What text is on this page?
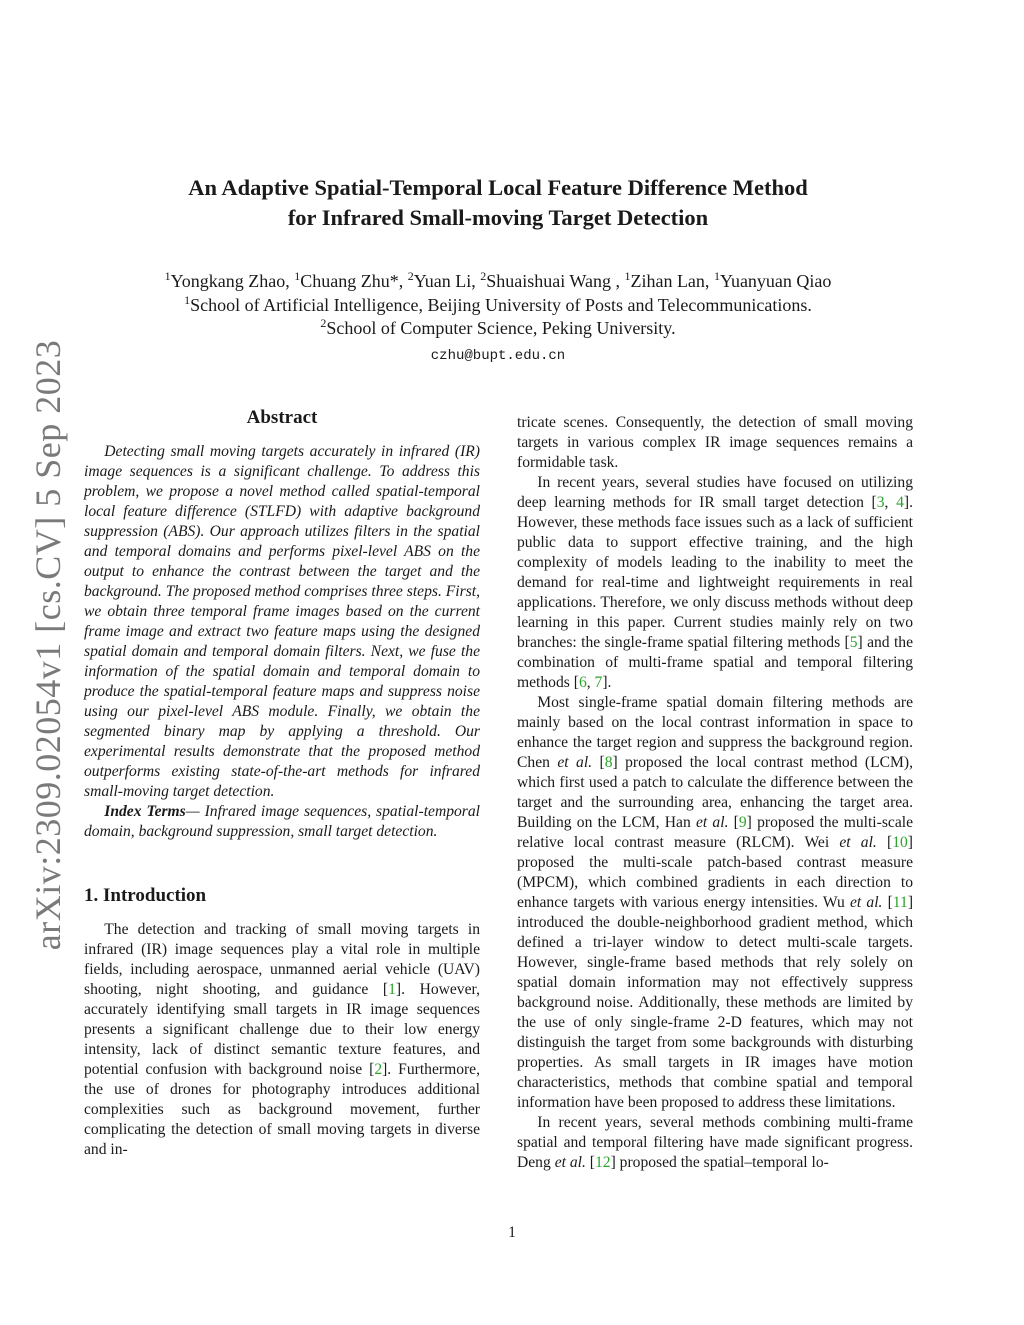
arXiv:2309.02054v1 [cs.CV] 5 Sep 2023
An Adaptive Spatial-Temporal Local Feature Difference Method
for Infrared Small-moving Target Detection
$^1$Yongkang Zhao, $^1$Chuang Zhu*, $^2$Yuan Li, $^2$Shuaishuai Wang , $^1$Zihan Lan, $^1$Yuanyuan Qiao
$^1$School of Artificial Intelligence, Beijing University of Posts and Telecommunications.
$^2$School of Computer Science, Peking University.
czhu@bupt.edu.cn
Abstract
Detecting small moving targets accurately in infrared (IR) image sequences is a significant challenge. To address this problem, we propose a novel method called spatial-temporal local feature difference (STLFD) with adaptive background suppression (ABS). Our approach utilizes filters in the spatial and temporal domains and performs pixel-level ABS on the output to enhance the contrast between the target and the background. The proposed method comprises three steps. First, we obtain three temporal frame images based on the current frame image and extract two feature maps using the designed spatial domain and temporal domain filters. Next, we fuse the information of the spatial domain and temporal domain to produce the spatial-temporal feature maps and suppress noise using our pixel-level ABS module. Finally, we obtain the segmented binary map by applying a threshold. Our experimental results demonstrate that the proposed method outperforms existing state-of-the-art methods for infrared small-moving target detection.
Index Terms— Infrared image sequences, spatial-temporal domain, background suppression, small target detection.
1. Introduction
The detection and tracking of small moving targets in infrared (IR) image sequences play a vital role in multiple fields, including aerospace, unmanned aerial vehicle (UAV) shooting, night shooting, and guidance [1]. However, accurately identifying small targets in IR image sequences presents a significant challenge due to their low energy intensity, lack of distinct semantic texture features, and potential confusion with background noise [2]. Furthermore, the use of drones for photography introduces additional complexities such as background movement, further complicating the detection of small moving targets in diverse and in-
tricate scenes. Consequently, the detection of small moving targets in various complex IR image sequences remains a formidable task.
In recent years, several studies have focused on utilizing deep learning methods for IR small target detection [3, 4]. However, these methods face issues such as a lack of sufficient public data to support effective training, and the high complexity of models leading to the inability to meet the demand for real-time and lightweight requirements in real applications. Therefore, we only discuss methods without deep learning in this paper. Current studies mainly rely on two branches: the single-frame spatial filtering methods [5] and the combination of multi-frame spatial and temporal filtering methods [6, 7].
Most single-frame spatial domain filtering methods are mainly based on the local contrast information in space to enhance the target region and suppress the background region. Chen et al. [8] proposed the local contrast method (LCM), which first used a patch to calculate the difference between the target and the surrounding area, enhancing the target area. Building on the LCM, Han et al. [9] proposed the multi-scale relative local contrast measure (RLCM). Wei et al. [10] proposed the multi-scale patch-based contrast measure (MPCM), which combined gradients in each direction to enhance targets with various energy intensities. Wu et al. [11] introduced the double-neighborhood gradient method, which defined a tri-layer window to detect multi-scale targets. However, single-frame based methods that rely solely on spatial domain information may not effectively suppress background noise. Additionally, these methods are limited by the use of only single-frame 2-D features, which may not distinguish the target from some backgrounds with disturbing properties. As small targets in IR images have motion characteristics, methods that combine spatial and temporal information have been proposed to address these limitations.
In recent years, several methods combining multi-frame spatial and temporal filtering have made significant progress. Deng et al. [12] proposed the spatial–temporal lo-
1
